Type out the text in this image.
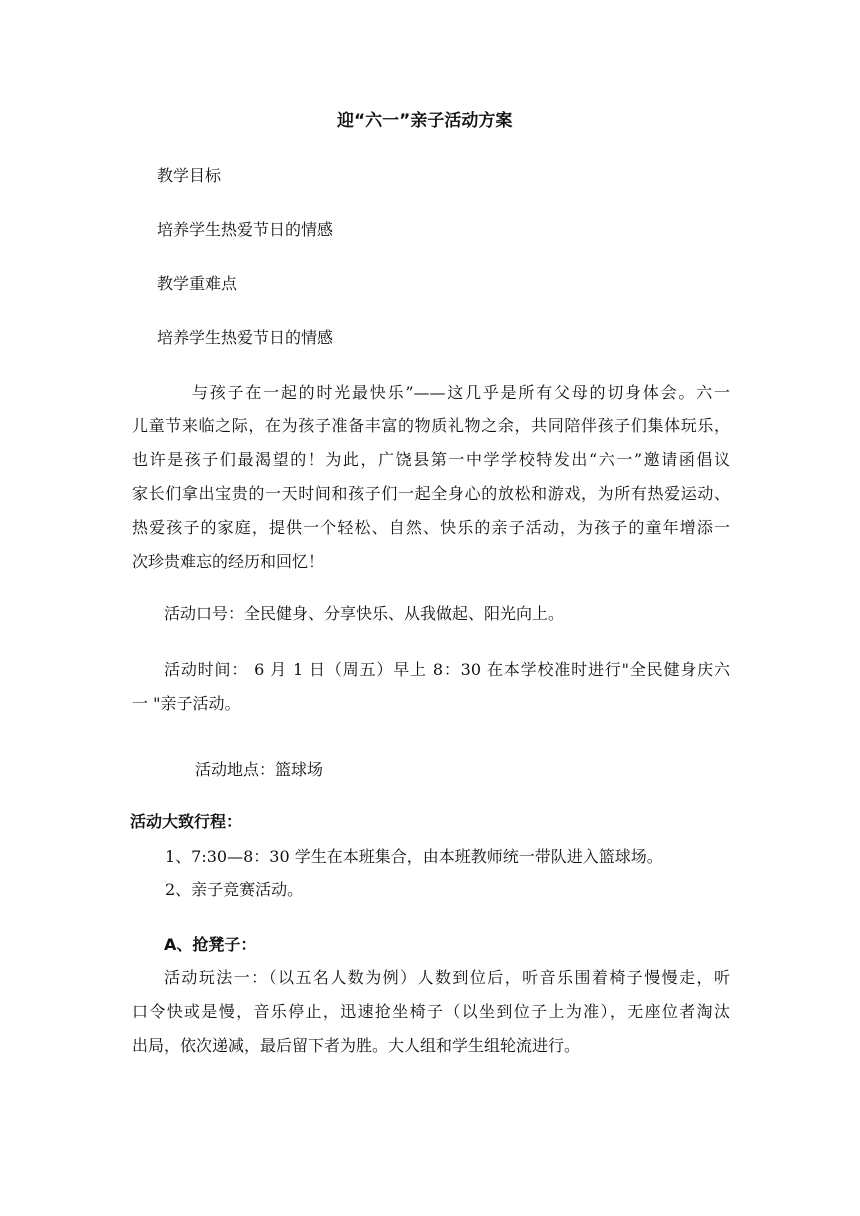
迎“六一”亲子活动方案
教学目标
培养学生热爱节日的情感
教学重难点
培养学生热爱节日的情感
与孩子在一起的时光最快乐”——这几乎是所有父母的切身体会。六一
儿童节来临之际，在为孩子准备丰富的物质礼物之余，共同陪伴孩子们集体玩乐，
也许是孩子们最渴望的！为此，广饶县第一中学学校特发出“六一”邀请函倡议
家长们拿出宝贵的一天时间和孩子们一起全身心的放松和游戏，为所有热爱运动、
热爱孩子的家庭，提供一个轻松、自然、快乐的亲子活动，为孩子的童年增添一
次珍贵难忘的经历和回忆！
活动口号：全民健身、分享快乐、从我做起、阳光向上。
活动时间： 6 月 1 日（周五）早上 8：30 在本学校准时进行"全民健身庆六
一 "亲子活动。
活动地点：篮球场
活动大致行程：
1、7:30—8：30 学生在本班集合，由本班教师统一带队进入篮球场。
2、亲子竞赛活动。
A、抢凳子：
活动玩法一：（以五名人数为例）人数到位后，听音乐围着椅子慢慢走，听
口令快或是慢，音乐停止，迅速抢坐椅子（以坐到位子上为准），无座位者淘汰
出局，依次递减，最后留下者为胜。大人组和学生组轮流进行。
